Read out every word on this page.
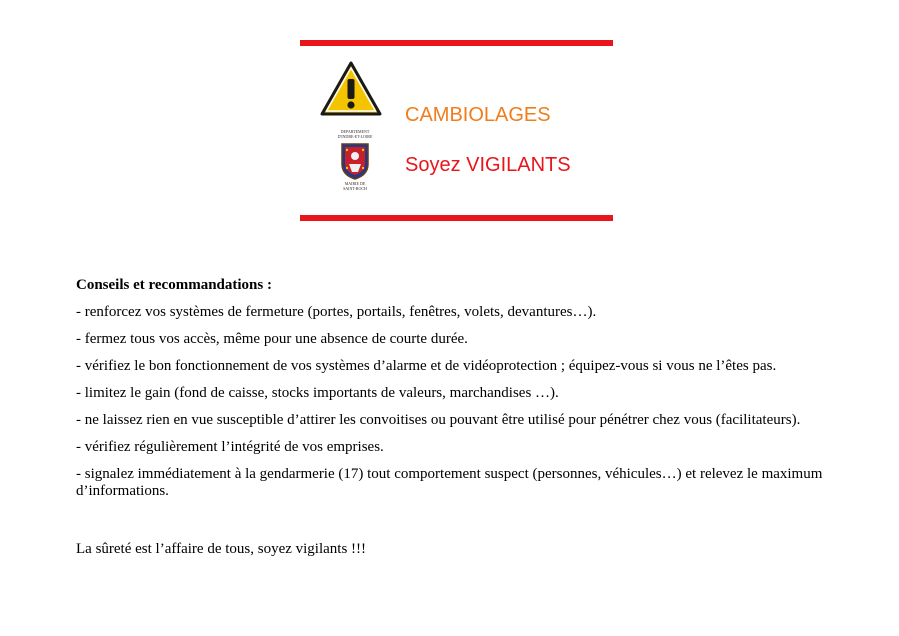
DEPARTEMENT
D'INDRE-ET-LOIRE
MAIRIE DE
SAINT-ROCH
CAMBIOLAGES
Soyez VIGILANTS

Conseils et recommandations :

- renforcez vos systèmes de fermeture (portes, portails, fenêtres, volets, devantures…).

- fermez tous vos accès, même pour une absence de courte durée.

- vérifiez le bon fonctionnement de vos systèmes d’alarme et de vidéoprotection ; équipez-vous si vous ne l’êtes pas.

- limitez le gain (fond de caisse, stocks importants de valeurs, marchandises …).

- ne laissez rien en vue susceptible d’attirer les convoitises ou pouvant être utilisé pour pénétrer chez vous (facilitateurs).

- vérifiez régulièrement l’intégrité de vos emprises.

- signalez immédiatement à la gendarmerie (17) tout comportement suspect (personnes, véhicules…) et relevez le maximum d’informations.

La sûreté est l’affaire de tous, soyez vigilants !!!
